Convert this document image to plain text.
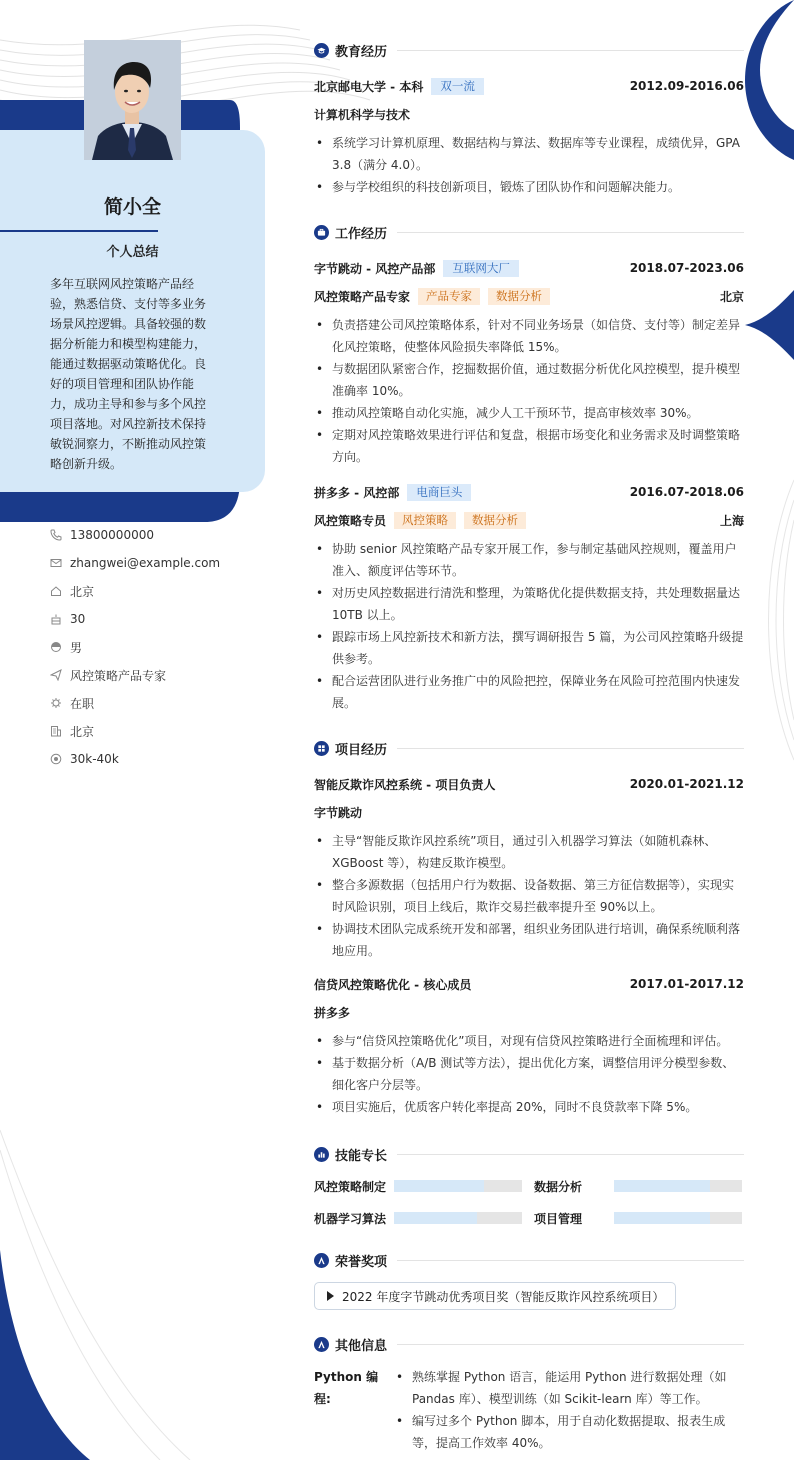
简小全
个人总结
多年互联网风控策略产品经验，熟悉信贷、支付等多业务场景风控逻辑。具备较强的数据分析能力和模型构建能力，能通过数据驱动策略优化。良好的项目管理和团队协作能力，成功主导和参与多个风控项目落地。对风控新技术保持敏锐洞察力，不断推动风控策略创新升级。
13800000000
zhangwei@example.com
北京
30
男
风控策略产品专家
在职
北京
30k-40k
教育经历
北京邮电大学 - 本科	双一流	2012.09-2016.06
计算机科学与技术
• 系统学习计算机原理、数据结构与算法、数据库等专业课程，成绩优异，GPA 3.8（满分 4.0）。
• 参与学校组织的科技创新项目，锻炼了团队协作和问题解决能力。
工作经历
字节跳动 - 风控产品部	互联网大厂	2018.07-2023.06
风控策略产品专家	产品专家	数据分析	北京
• 负责搭建公司风控策略体系，针对不同业务场景（如信贷、支付等）制定差异化风控策略，使整体风险损失率降低 15%。
• 与数据团队紧密合作，挖掘数据价值，通过数据分析优化风控模型，提升模型准确率 10%。
• 推动风控策略自动化实施，减少人工干预环节，提高审核效率 30%。
• 定期对风控策略效果进行评估和复盘，根据市场变化和业务需求及时调整策略方向。
拼多多 - 风控部	电商巨头	2016.07-2018.06
风控策略专员	风控策略	数据分析	上海
• 协助 senior 风控策略产品专家开展工作，参与制定基础风控规则，覆盖用户准入、额度评估等环节。
• 对历史风控数据进行清洗和整理，为策略优化提供数据支持，共处理数据量达 10TB 以上。
• 跟踪市场上风控新技术和新方法，撰写调研报告 5 篇，为公司风控策略升级提供参考。
• 配合运营团队进行业务推广中的风险把控，保障业务在风险可控范围内快速发展。
项目经历
智能反欺诈风控系统 - 项目负责人	2020.01-2021.12
字节跳动
• 主导“智能反欺诈风控系统”项目，通过引入机器学习算法（如随机森林、XGBoost 等），构建反欺诈模型。
• 整合多源数据（包括用户行为数据、设备数据、第三方征信数据等），实现实时风险识别，项目上线后，欺诈交易拦截率提升至 90%以上。
• 协调技术团队完成系统开发和部署，组织业务团队进行培训，确保系统顺利落地应用。
信贷风控策略优化 - 核心成员	2017.01-2017.12
拼多多
• 参与“信贷风控策略优化”项目，对现有信贷风控策略进行全面梳理和评估。
• 基于数据分析（A/B 测试等方法），提出优化方案，调整信用评分模型参数、细化客户分层等。
• 项目实施后，优质客户转化率提高 20%，同时不良贷款率下降 5%。
技能专长
风控策略制定	数据分析
机器学习算法	项目管理
荣誉奖项
2022 年度字节跳动优秀项目奖（智能反欺诈风控系统项目）
其他信息
Python 编程:
• 熟练掌握 Python 语言，能运用 Python 进行数据处理（如 Pandas 库）、模型训练（如 Scikit-learn 库）等工作。
• 编写过多个 Python 脚本，用于自动化数据提取、报表生成等，提高工作效率 40%。
